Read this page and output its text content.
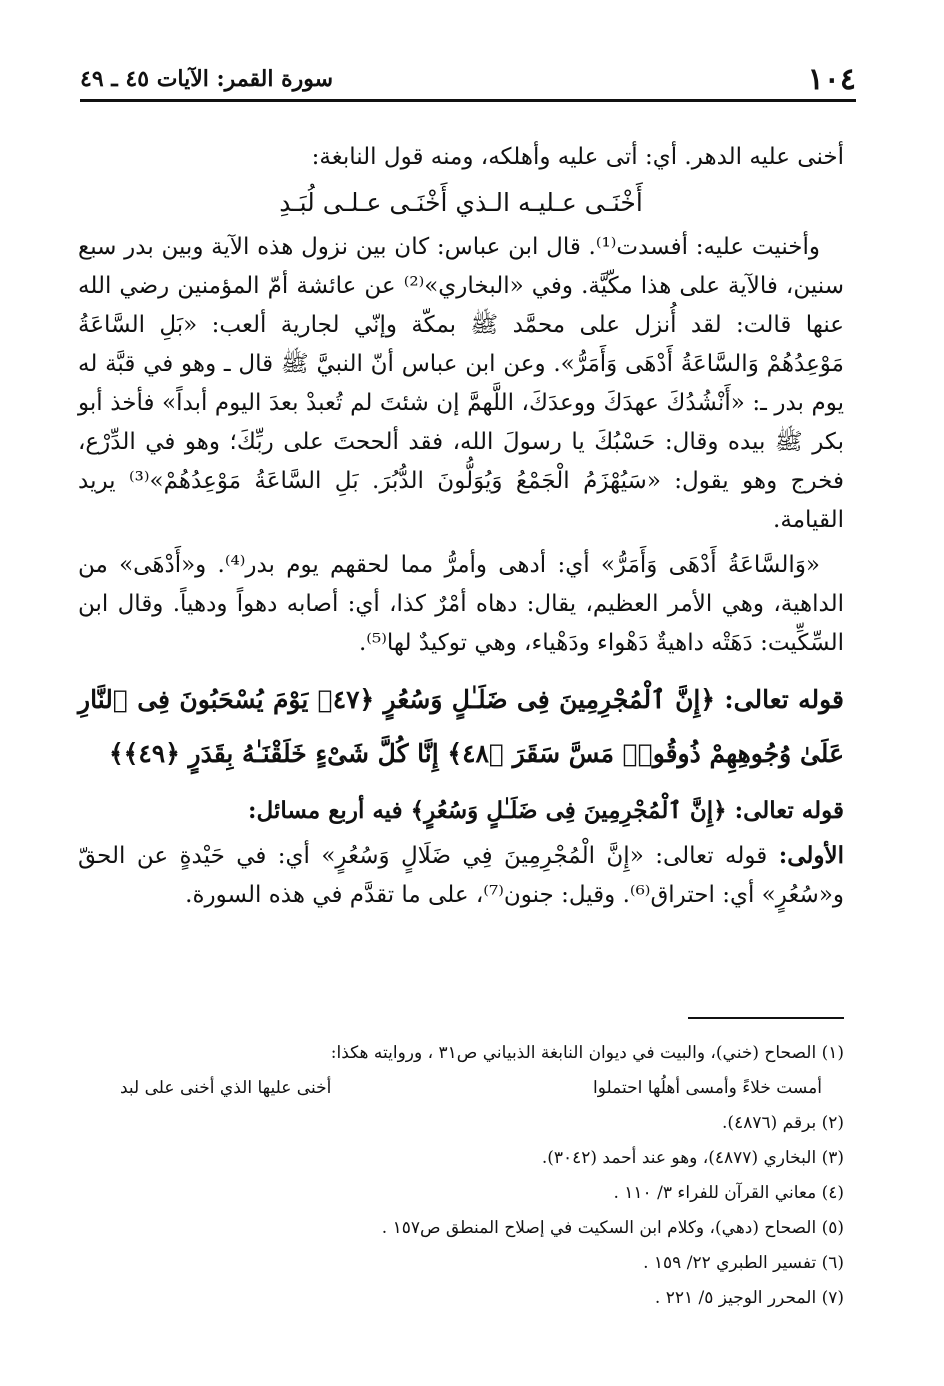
١٠٤
سورة القمر: الآيات ٤٥ ـ ٤٩

أخنى عليه الدهر. أي: أتى عليه وأهلكه، ومنه قول النابغة:

أَخْنَـى عـليـه الـذي أَخْنَـى عـلـى لُبَـدِ

وأخنيت عليه: أفسدت⁽¹⁾. قال ابن عباس: كان بين نزول هذه الآية وبين بدر سبع سنين، فالآية على هذا مكّيَّة. وفي «البخاري»⁽²⁾ عن عائشة أمّ المؤمنين رضي الله عنها قالت: لقد أُنزل على محمَّد ﷺ بمكّة وإنّي لجارية ألعب: «بَلِ السَّاعَةُ مَوْعِدُهُمْ وَالسَّاعَةُ أَدْهَى وَأَمَرُّ». وعن ابن عباس أنّ النبيَّ ﷺ قال ـ وهو في قبَّة له يوم بدر ـ: «أَنْشُدُكَ عهدَكَ ووعدَكَ، اللَّهمَّ إن شئتَ لم تُعبدْ بعدَ اليوم أبداً» فأخذ أبو بكر ﷺ بيده وقال: حَسْبُكَ يا رسولَ الله، فقد ألححتَ على ربِّكَ؛ وهو في الدِّرْع، فخرج وهو يقول: «سَيُهْزَمُ الْجَمْعُ وَيُوَلُّونَ الدُّبُرَ. بَلِ السَّاعَةُ مَوْعِدُهُمْ»⁽³⁾ يريد القيامة.

«وَالسَّاعَةُ أَدْهَى وَأَمَرُّ» أي: أدهى وأمرُّ مما لحقهم يوم بدر⁽⁴⁾. و«أَدْهَى» من الداهية، وهي الأمر العظيم، يقال: دهاه أمْرٌ كذا، أي: أصابه دهواً ودهياً. وقال ابن السِّكِّيت: دَهَتْه داهيةٌ دَهْواء ودَهْياء، وهي توكيدٌ لها⁽⁵⁾.

قوله تعالى: ﴿إِنَّ ٱلْمُجْرِمِينَ فِى ضَلَـٰلٍ وَسُعُرٍ ﴿٤٧﴾ يَوْمَ يُسْحَبُونَ فِى ٱلنَّارِ عَلَىٰ وُجُوهِهِمْ ذُوقُوا۟ مَسَّ سَقَرَ ﴿٤٨﴾ إِنَّا كُلَّ شَىْءٍ خَلَقْنَـٰهُ بِقَدَرٍ ﴿٤٩﴾﴾

قوله تعالى: ﴿إِنَّ ٱلْمُجْرِمِينَ فِى ضَلَـٰلٍ وَسُعُرٍ﴾ فيه أربع مسائل:

الأولى: قوله تعالى: «إِنَّ الْمُجْرِمِينَ فِي ضَلَالٍ وَسُعُرٍ» أي: في حَيْدةٍ عن الحقّ و«سُعُرٍ» أي: احتراق⁽⁶⁾. وقيل: جنون⁽⁷⁾، على ما تقدَّم في هذه السورة.

(١) الصحاح (خني)، والبيت في ديوان النابغة الذبياني ص٣١ ، وروايته هكذا:
أمست خلاءً وأمسى أهلُها احتملوا
أخنى عليها الذي أخنى على لبد
(٢) برقم (٤٨٧٦).
(٣) البخاري (٤٨٧٧)، وهو عند أحمد (٣٠٤٢).
(٤) معاني القرآن للفراء ٣/ ١١٠ .
(٥) الصحاح (دهي)، وكلام ابن السكيت في إصلاح المنطق ص١٥٧ .
(٦) تفسير الطبري ٢٢/ ١٥٩ .
(٧) المحرر الوجيز ٥/ ٢٢١ .
